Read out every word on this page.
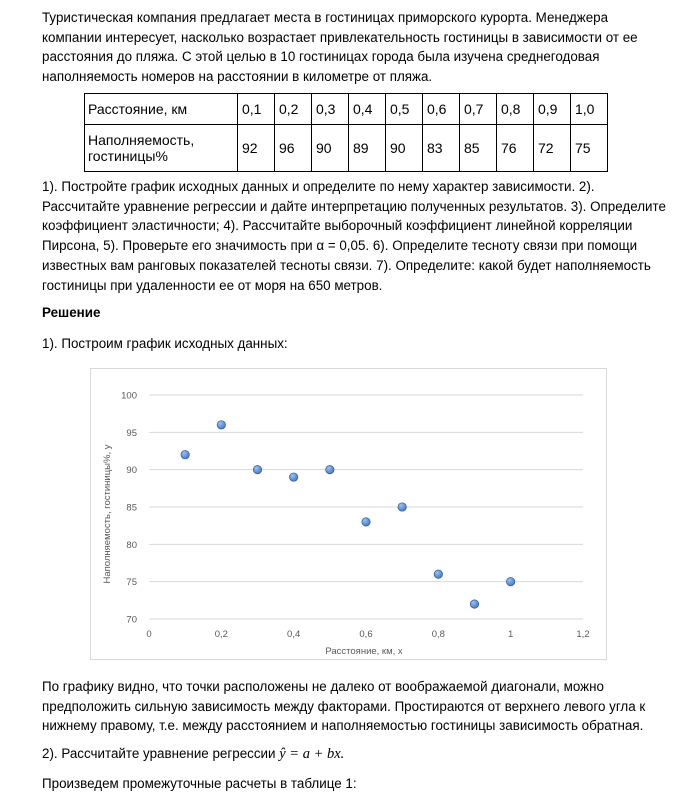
Туристическая компания предлагает места в гостиницах приморского курорта. Менеджера компании интересует, насколько возрастает привлекательность гостиницы в зависимости от ее расстояния до пляжа. С этой целью в 10 гостиницах города была изучена среднегодовая наполняемость номеров на расстоянии в километре от пляжа.

Расстояние, км	0,1	0,2	0,3	0,4	0,5	0,6	0,7	0,8	0,9	1,0
Наполняемость,
гостиницы%	92	96	90	89	90	83	85	76	72	75

1). Постройте график исходных данных и определите по нему характер зависимости. 2). Рассчитайте уравнение регрессии и дайте интерпретацию полученных результатов. 3). Определите коэффициент эластичности; 4). Рассчитайте выборочный коэффициент линейной корреляции Пирсона, 5). Проверьте его значимость при α = 0,05. 6). Определите тесноту связи при помощи известных вам ранговых показателей тесноты связи. 7). Определите: какой будет наполняемость гостиницы при удаленности ее от моря на 650 метров.

Решение

1). Построим график исходных данных:

70
75
80
85
90
95
100
0	0,2	0,4	0,6	0,8	1	1,2
Расстояние, км, x
Наполняемость, гостиницы%, y

По графику видно, что точки расположены не далеко от воображаемой диагонали, можно предположить сильную зависимость между факторами. Простираются от верхнего левого угла к нижнему правому, т.е. между расстоянием и наполняемостью гостиницы зависимость обратная.

2). Рассчитайте уравнение регрессии ŷ = a + bx.

Произведем промежуточные расчеты в таблице 1:
